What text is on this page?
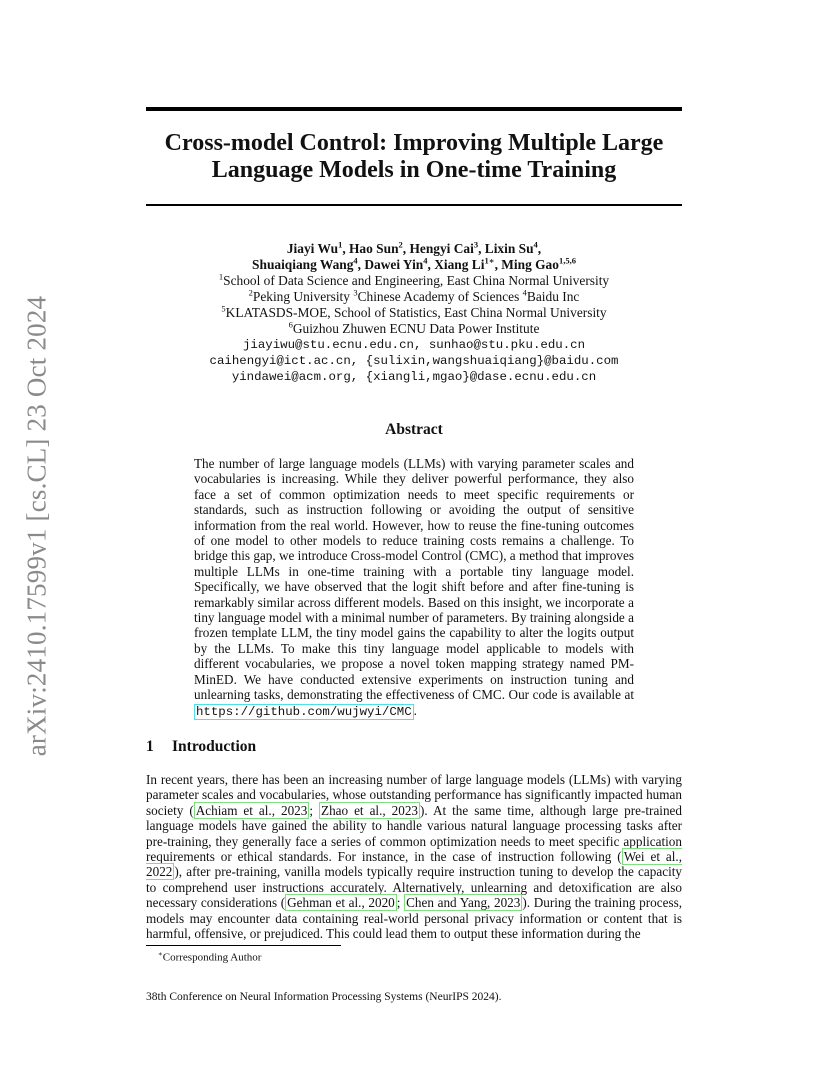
arXiv:2410.17599v1 [cs.CL] 23 Oct 2024
Cross-model Control: Improving Multiple Large
Language Models in One-time Training
Jiayi Wu$^1$, Hao Sun$^2$, Hengyi Cai$^3$, Lixin Su$^4$,
Shuaiqiang Wang$^4$, Dawei Yin$^4$, Xiang $Li^{1∗}$, Ming Gao$^{1,5,6}$
$^1$School of Data Science and Engineering, East China Normal University
$^2$Peking University $^3$Chinese Academy of Sciences $^4$Baidu Inc
$^5$KLATASDS-MOE, School of Statistics, East China Normal University
$^6$Guizhou Zhuwen ECNU Data Power Institute
jiayiwu@stu.ecnu.edu.cn, sunhao@stu.pku.edu.cn
caihengyi@ict.ac.cn, {sulixin,wangshuaiqiang}@baidu.com
yindawei@acm.org, {xiangli,mgao}@dase.ecnu.edu.cn
Abstract

The number of large language models (LLMs) with varying parameter scales and vocabularies is increasing. While they deliver powerful performance, they also face a set of common optimization needs to meet specific requirements or standards, such as instruction following or avoiding the output of sensitive information from the real world. However, how to reuse the fine-tuning outcomes of one model to other models to reduce training costs remains a challenge. To bridge this gap, we introduce Cross-model Control (CMC), a method that improves multiple LLMs in one-time training with a portable tiny language model. Specifically, we have observed that the logit shift before and after fine-tuning is remarkably similar across different models. Based on this insight, we incorporate a tiny language model with a minimal number of parameters. By training alongside a frozen template LLM, the tiny model gains the capability to alter the logits output by the LLMs. To make this tiny language model applicable to models with different vocabularies, we propose a novel token mapping strategy named PM-MinED. We have conducted extensive experiments on instruction tuning and unlearning tasks, demonstrating the effectiveness of CMC. Our code is available at https://github.com/wujwyi/CMC .

1 Introduction

In recent years, there has been an increasing number of large language models (LLMs) with varying parameter scales and vocabularies, whose outstanding performance has significantly impacted human society ( Achiam et al., 2023 ; Zhao et al., 2023 ). At the same time, although large pre-trained language models have gained the ability to handle various natural language processing tasks after pre-training, they generally face a series of common optimization needs to meet specific application requirements or ethical standards. For instance, in the case of instruction following ( Wei et al., 2022 ), after pre-training, vanilla models typically require instruction tuning to develop the capacity to comprehend user instructions accurately. Alternatively, unlearning and detoxification are also necessary considerations ( Gehman et al., 2020 ; Chen and Yang, 2023 ). During the training process, models may encounter data containing real-world personal privacy information or content that is harmful, offensive, or prejudiced. This could lead them to output these information during the

∗Corresponding Author

38th Conference on Neural Information Processing Systems (NeurIPS 2024).
